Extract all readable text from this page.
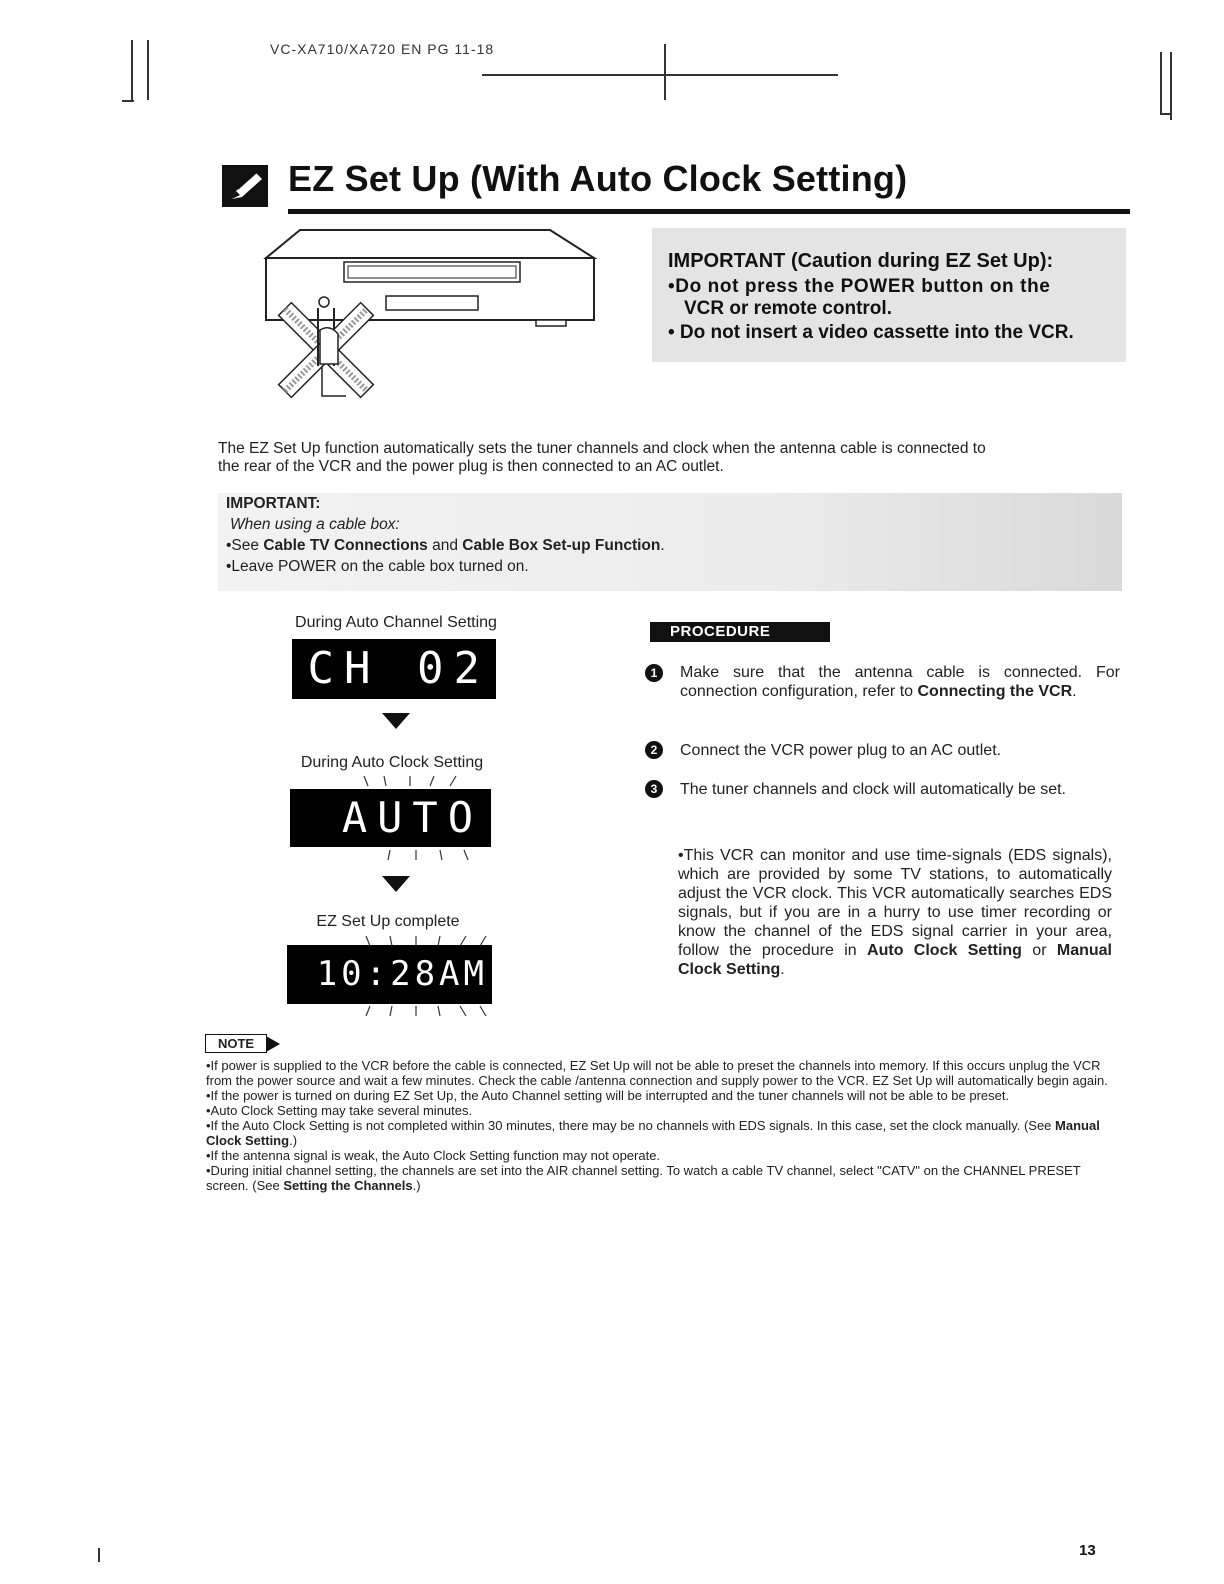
VC-XA710/XA720 EN PG 11-18
EZ Set Up (With Auto Clock Setting)
IMPORTANT (Caution during EZ Set Up):
•Do not press the POWER button on the
VCR or remote control.
• Do not insert a video cassette into the VCR.
The EZ Set Up function automatically sets the tuner channels and clock when the antenna cable is connected to
the rear of the VCR and the power plug is then connected to an AC outlet.
IMPORTANT:
When using a cable box:
•See Cable TV Connections and Cable Box Set-up Function.
•Leave POWER on the cable box turned on.
During Auto Channel Setting
CH 02
During Auto Clock Setting
AUTO
EZ Set Up complete
10:28AM
PROCEDURE
1	Make sure that the antenna cable is connected. For connection configuration, refer to Connecting the VCR.
2	Connect the VCR power plug to an AC outlet.
3	The tuner channels and clock will automatically be set.
•This VCR can monitor and use time-signals (EDS signals), which are provided by some TV stations, to automatically adjust the VCR clock. This VCR automatically searches EDS signals, but if you are in a hurry to use timer recording or know the channel of the EDS signal carrier in your area, follow the procedure in Auto Clock Setting or Manual Clock Setting.
NOTE
•If power is supplied to the VCR before the cable is connected, EZ Set Up will not be able to preset the channels into memory. If this occurs unplug the VCR from the power source and wait a few minutes. Check the cable /antenna connection and supply power to the VCR. EZ Set Up will automatically begin again.
•If the power is turned on during EZ Set Up, the Auto Channel setting will be interrupted and the tuner channels will not be able to be preset.
•Auto Clock Setting may take several minutes.
•If the Auto Clock Setting is not completed within 30 minutes, there may be no channels with EDS signals. In this case, set the clock manually. (See Manual Clock Setting.)
•If the antenna signal is weak, the Auto Clock Setting function may not operate.
•During initial channel setting, the channels are set into the AIR channel setting. To watch a cable TV channel, select "CATV" on the CHANNEL PRESET screen. (See Setting the Channels.)
13
